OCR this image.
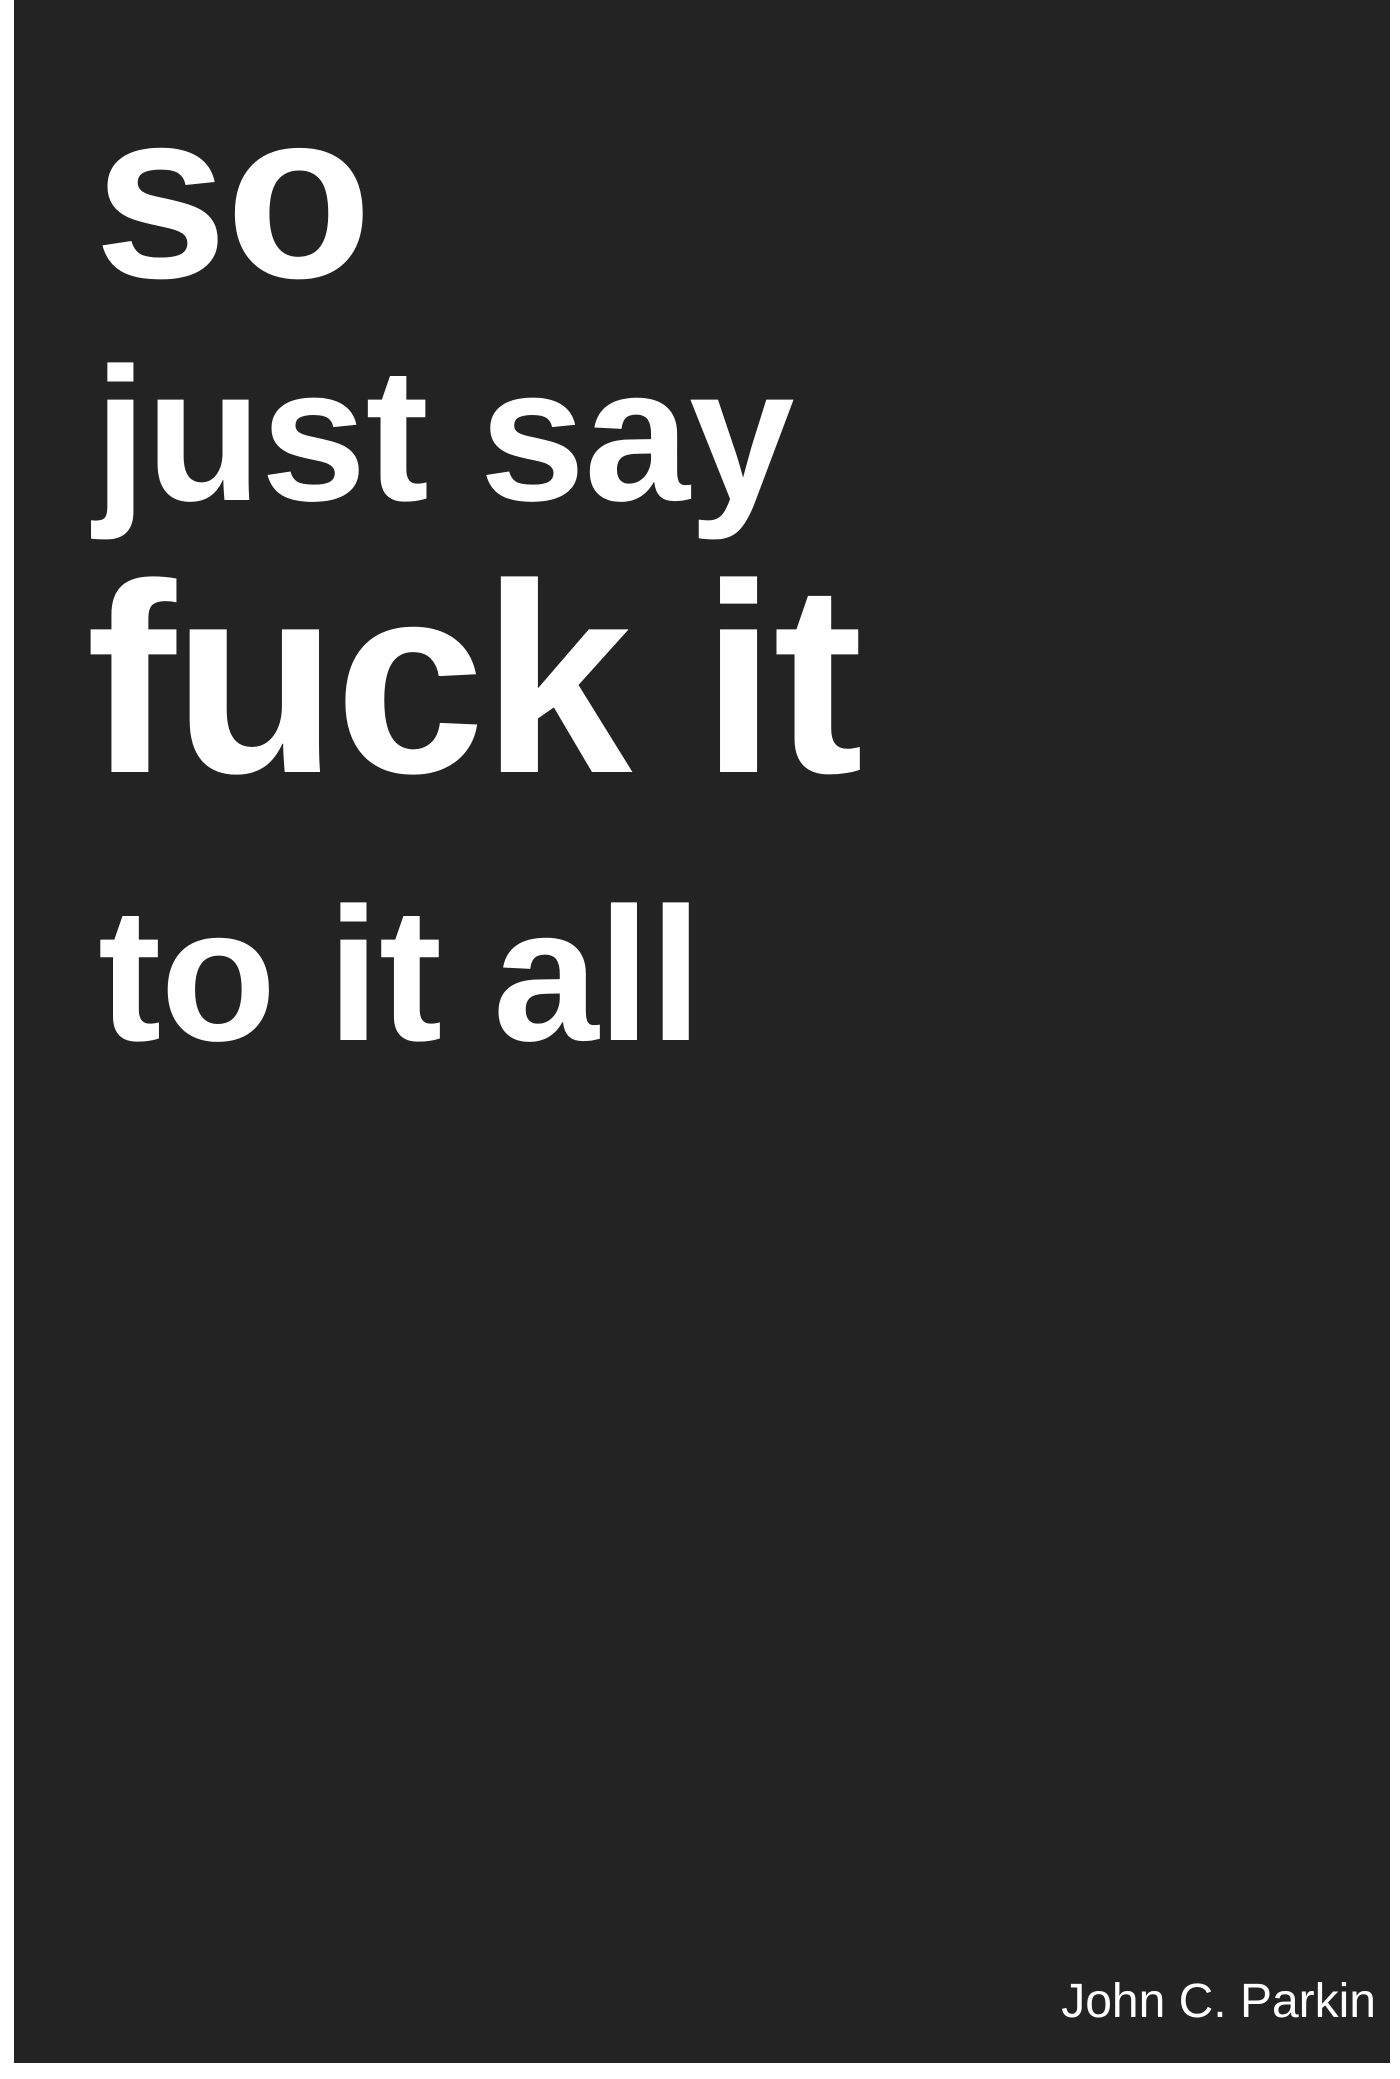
so
just say
fuck it
to it all
John C. Parkin
